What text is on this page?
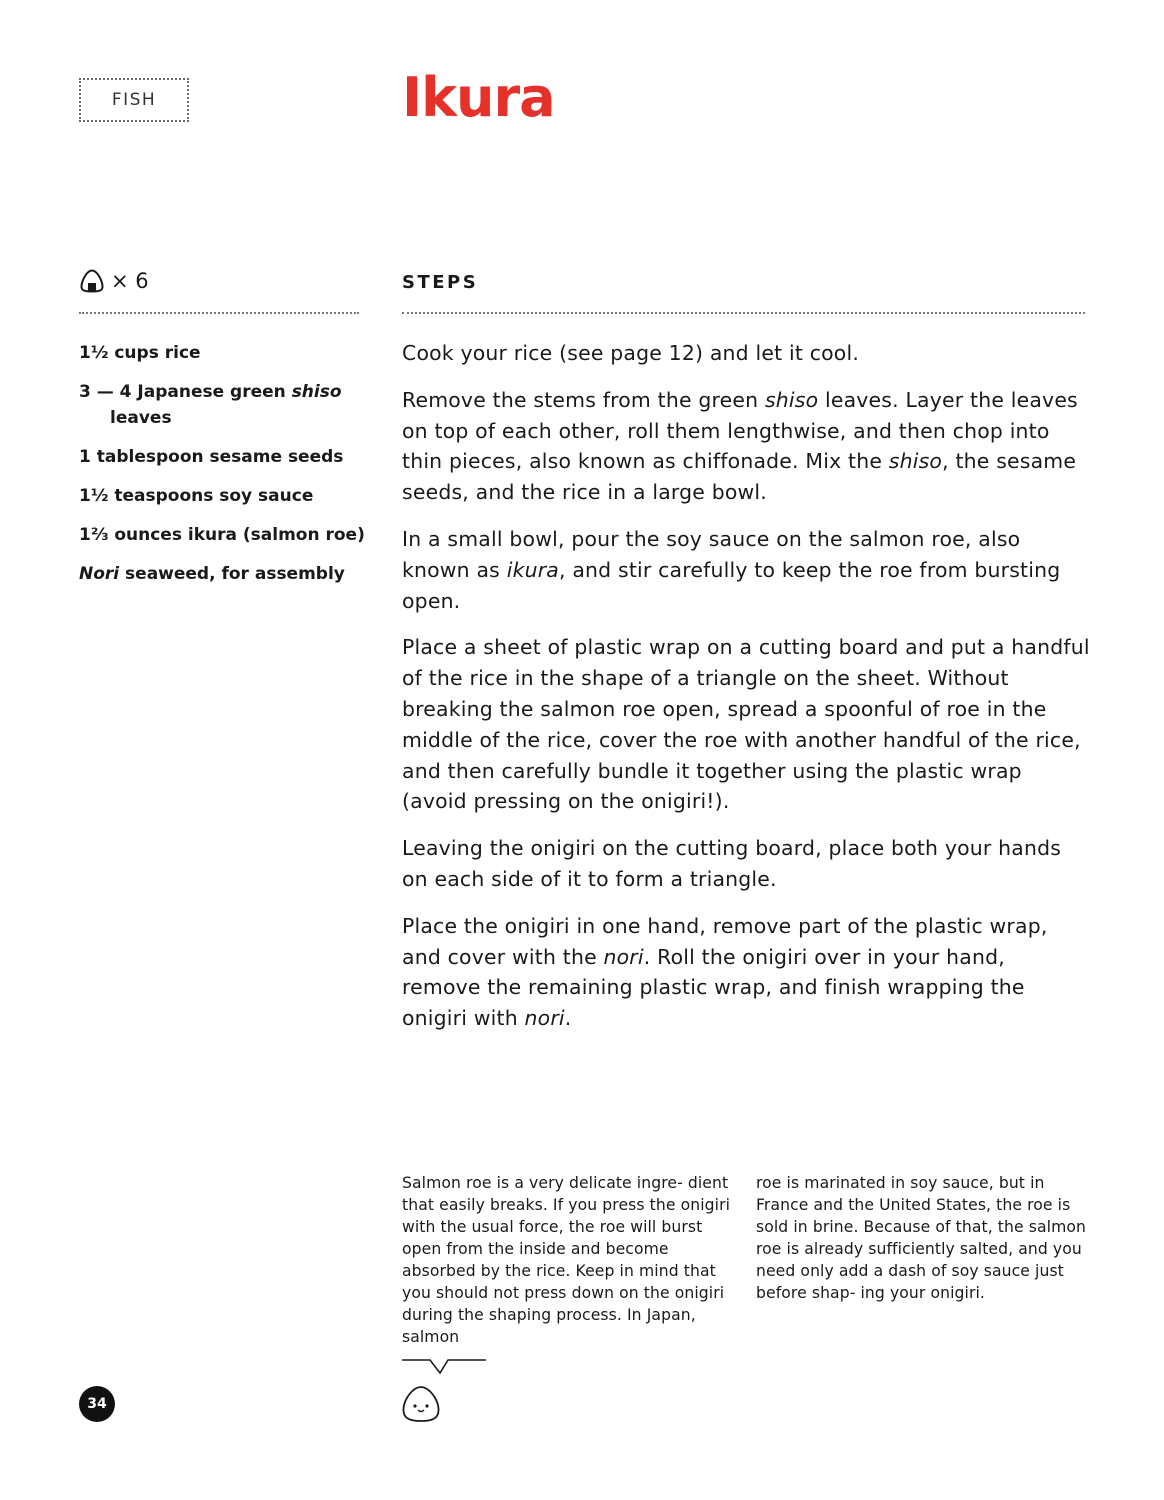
FISH	Ikura
× 6	STEPS
1½ cups rice
3 — 4 Japanese green shiso leaves
1 tablespoon sesame seeds
1½ teaspoons soy sauce
1⅔ ounces ikura (salmon roe)
Nori seaweed, for assembly

Cook your rice (see page 12) and let it cool.

Remove the stems from the green shiso leaves. Layer the leaves on top of each other, roll them lengthwise, and then chop into thin pieces, also known as chiffonade. Mix the shiso, the sesame seeds, and the rice in a large bowl.

In a small bowl, pour the soy sauce on the salmon roe, also known as ikura, and stir carefully to keep the roe from bursting open.

Place a sheet of plastic wrap on a cutting board and put a handful of the rice in the shape of a triangle on the sheet. Without breaking the salmon roe open, spread a spoonful of roe in the middle of the rice, cover the roe with another handful of the rice, and then carefully bundle it together using the plastic wrap (avoid pressing on the onigiri!).

Leaving the onigiri on the cutting board, place both your hands on each side of it to form a triangle.

Place the onigiri in one hand, remove part of the plastic wrap, and cover with the nori. Roll the onigiri over in your hand, remove the remaining plastic wrap, and finish wrapping the onigiri with nori.

Salmon roe is a very delicate ingre- dient that easily breaks. If you press the onigiri with the usual force, the roe will burst open from the inside and become absorbed by the rice. Keep in mind that you should not press down on the onigiri during the shaping process. In Japan, salmon

roe is marinated in soy sauce, but in France and the United States, the roe is sold in brine. Because of that, the salmon roe is already sufficiently salted, and you need only add a dash of soy sauce just before shap- ing your onigiri.

34
